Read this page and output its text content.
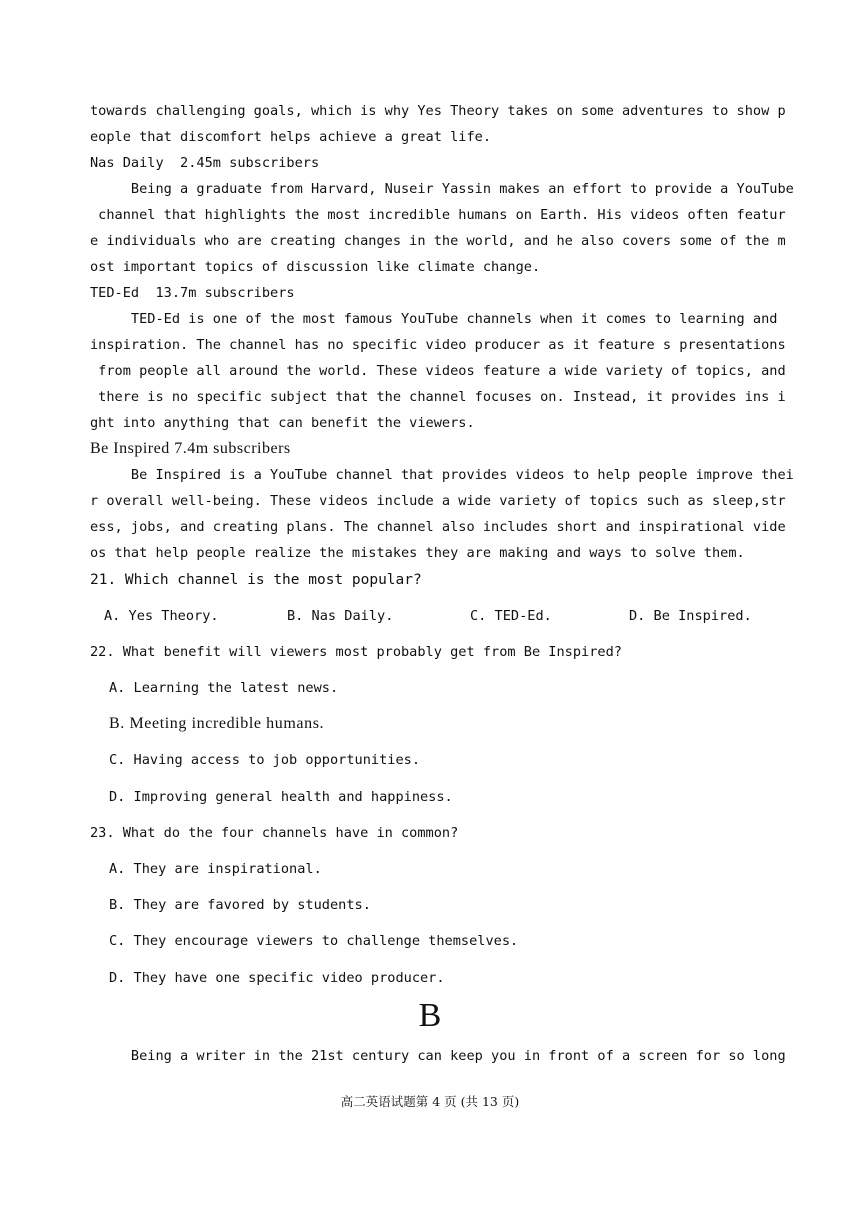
towards challenging goals, which is why Yes Theory takes on some adventures to show p
eople that discomfort helps achieve a great life.
Nas Daily  2.45m subscribers
Being a graduate from Harvard, Nuseir Yassin makes an effort to provide a YouTube
channel that highlights the most incredible humans on Earth. His videos often featur
e individuals who are creating changes in the world, and he also covers some of the m
ost important topics of discussion like climate change.
TED-Ed  13.7m subscribers
TED-Ed is one of the most famous YouTube channels when it comes to learning and
inspiration. The channel has no specific video producer as it feature s presentations
from people all around the world. These videos feature a wide variety of topics, and
there is no specific subject that the channel focuses on. Instead, it provides ins i
ght into anything that can benefit the viewers.
Be Inspired 7.4m subscribers
Be Inspired is a YouTube channel that provides videos to help people improve thei
r overall well-being. These videos include a wide variety of topics such as sleep,str
ess, jobs, and creating plans. The channel also includes short and inspirational vide
os that help people realize the mistakes they are making and ways to solve them.
21. Which channel is the most popular?
A. Yes Theory.	B. Nas Daily.	C. TED-Ed.	D. Be Inspired.
22. What benefit will viewers most probably get from Be Inspired?
A. Learning the latest news.
B. Meeting incredible humans.
C. Having access to job opportunities.
D. Improving general health and happiness.
23. What do the four channels have in common?
A. They are inspirational.
B. They are favored by students.
C. They encourage viewers to challenge themselves.
D. They have one specific video producer.
B
Being a writer in the 21st century can keep you in front of a screen for so long
高二英语试题第 4 页 (共 13 页)
